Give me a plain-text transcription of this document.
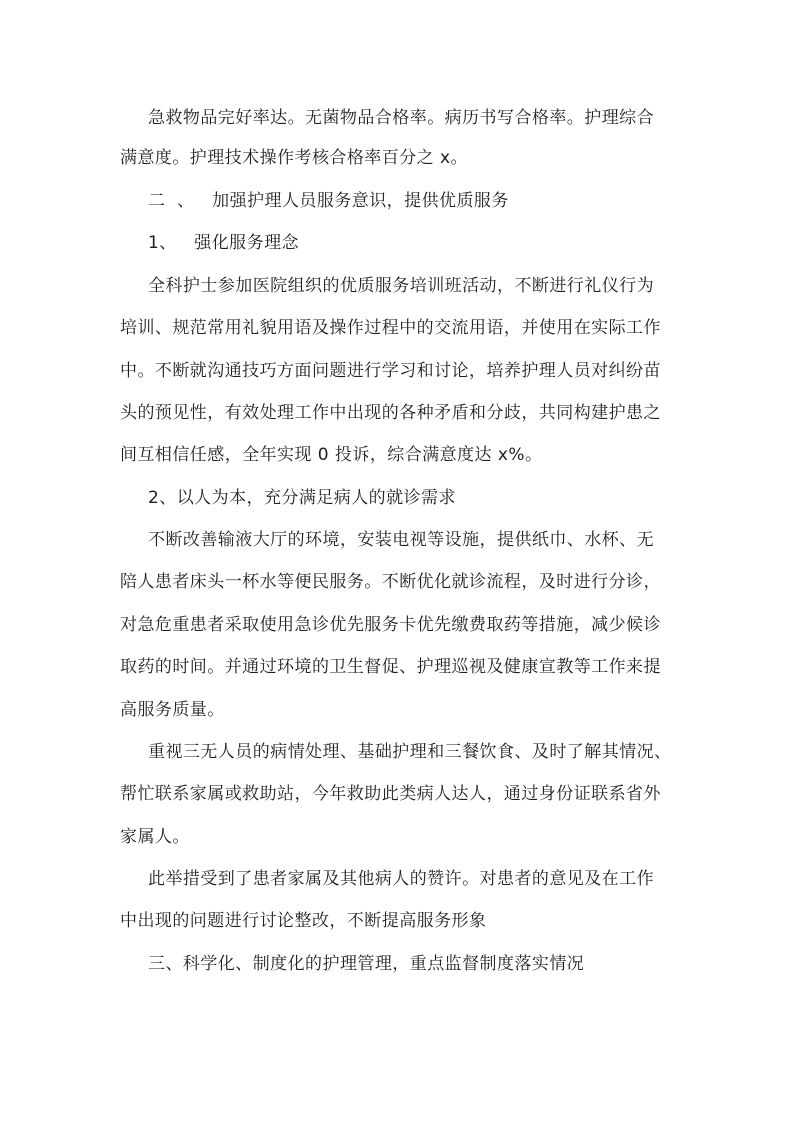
急救物品完好率达。无菌物品合格率。病历书写合格率。护理综合
满意度。护理技术操作考核合格率百分之 x。
二  、   加强护理人员服务意识，提供优质服务
1、   强化服务理念
全科护士参加医院组织的优质服务培训班活动，不断进行礼仪行为
培训、规范常用礼貌用语及操作过程中的交流用语，并使用在实际工作
中。不断就沟通技巧方面问题进行学习和讨论，培养护理人员对纠纷苗
头的预见性，有效处理工作中出现的各种矛盾和分歧，共同构建护患之
间互相信任感，全年实现 0 投诉，综合满意度达 x%。
2、以人为本，充分满足病人的就诊需求
不断改善输液大厅的环境，安装电视等设施，提供纸巾、水杯、无
陪人患者床头一杯水等便民服务。不断优化就诊流程，及时进行分诊，
对急危重患者采取使用急诊优先服务卡优先缴费取药等措施，减少候诊
取药的时间。并通过环境的卫生督促、护理巡视及健康宣教等工作来提
高服务质量。
重视三无人员的病情处理、基础护理和三餐饮食、及时了解其情况、
帮忙联系家属或救助站，今年救助此类病人达人，通过身份证联系省外
家属人。
此举措受到了患者家属及其他病人的赞许。对患者的意见及在工作
中出现的问题进行讨论整改，不断提高服务形象
三、科学化、制度化的护理管理，重点监督制度落实情况
